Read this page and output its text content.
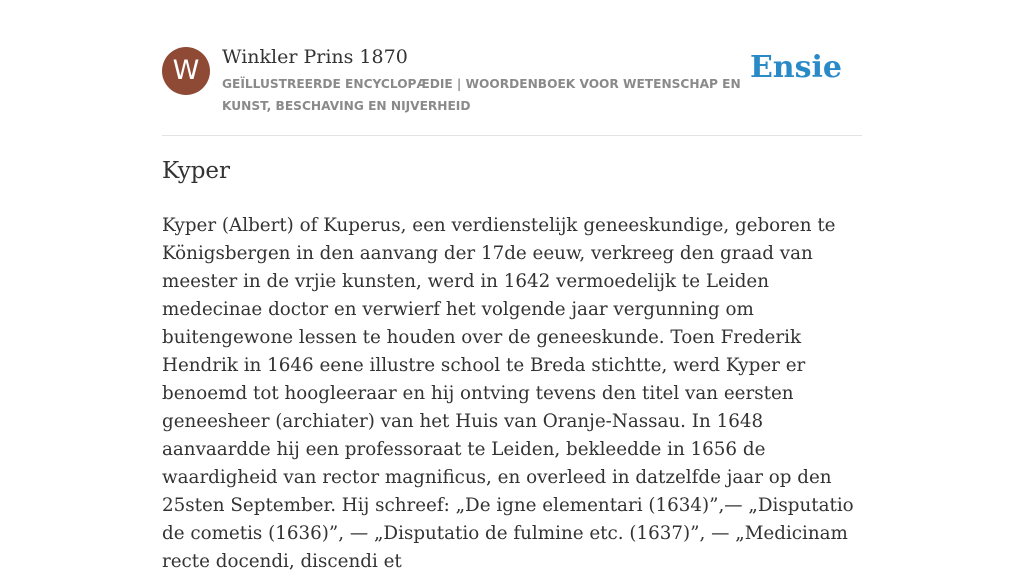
W	Winkler Prins 1870
GEÏLLUSTREERDE ENCYCLOPÆDIE | WOORDENBOEK VOOR WETENSCHAP EN KUNST, BESCHAVING EN NIJVERHEID
Ensie
Kyper

Kyper (Albert) of Kuperus, een verdienstelijk geneeskundige, geboren te Königsbergen in den aanvang der 17de eeuw, verkreeg den graad van meester in de vrjie kunsten, werd in 1642 vermoedelijk te Leiden medecinae doctor en verwierf het volgende jaar vergunning om buitengewone lessen te houden over de geneeskunde. Toen Frederik Hendrik in 1646 eene illustre school te Breda stichtte, werd Kyper er benoemd tot hoogleeraar en hij ontving tevens den titel van eersten geneesheer (archiater) van het Huis van Oranje-Nassau. In 1648 aanvaardde hij een professoraat te Leiden, bekleedde in 1656 de waardigheid van rector magnificus, en overleed in datzelfde jaar op den 25sten September. Hij schreef: „De igne elementari (1634)”,— „Disputatio de cometis (1636)”, — „Disputatio de fulmine etc. (1637)”, — „Medicinam recte docendi, discendi et
